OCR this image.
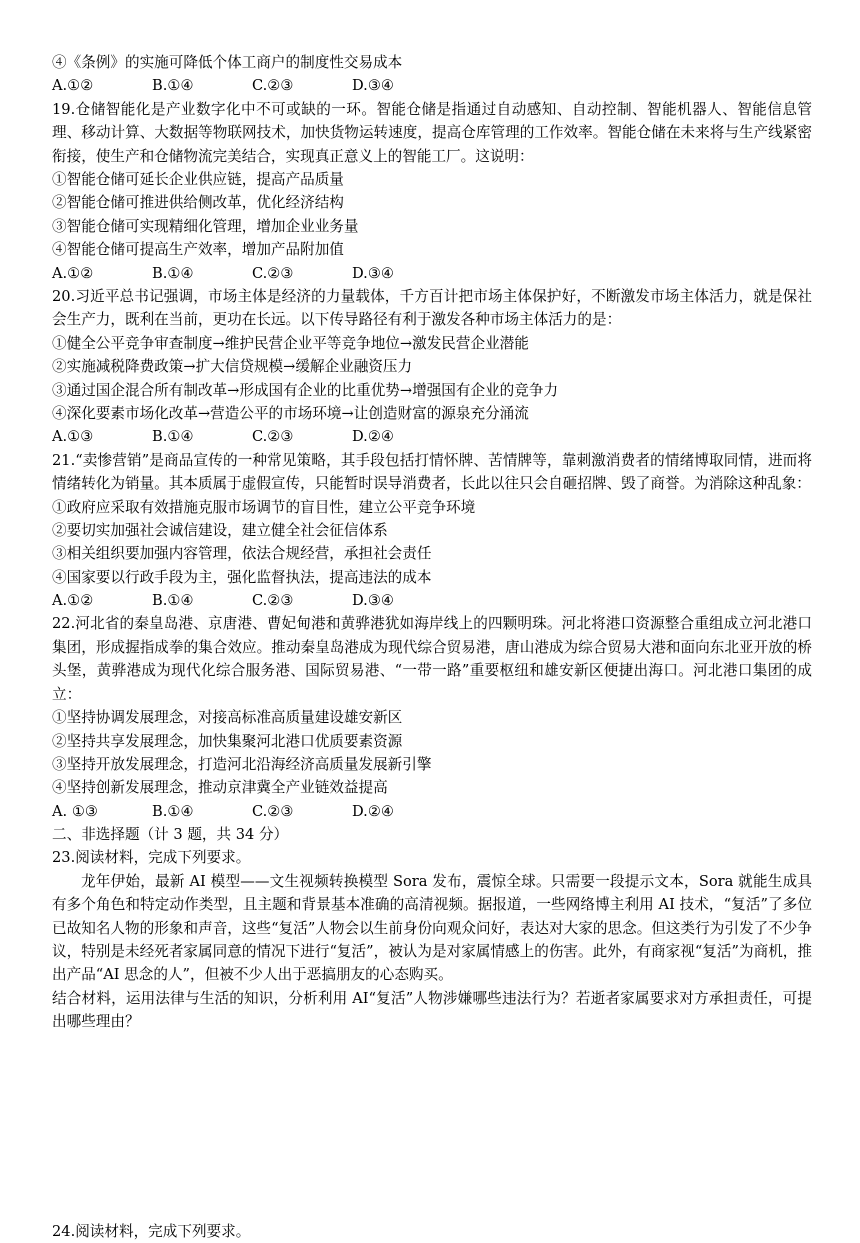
④《条例》的实施可降低个体工商户的制度性交易成本
A.①②	B.①④	C.②③	D.③④
19.仓储智能化是产业数字化中不可或缺的一环。智能仓储是指通过自动感知、自动控制、智能机器人、智能信息管理、移动计算、大数据等物联网技术，加快货物运转速度，提高仓库管理的工作效率。智能仓储在未来将与生产线紧密衔接，使生产和仓储物流完美结合，实现真正意义上的智能工厂。这说明：
①智能仓储可延长企业供应链，提高产品质量
②智能仓储可推进供给侧改革，优化经济结构
③智能仓储可实现精细化管理，增加企业业务量
④智能仓储可提高生产效率，增加产品附加值
A.①②	B.①④	C.②③	D.③④
20.习近平总书记强调，市场主体是经济的力量载体，千方百计把市场主体保护好，不断激发市场主体活力，就是保社会生产力，既利在当前，更功在长远。以下传导路径有利于激发各种市场主体活力的是：
①健全公平竞争审查制度→维护民营企业平等竞争地位→激发民营企业潜能
②实施减税降费政策→扩大信贷规模→缓解企业融资压力
③通过国企混合所有制改革→形成国有企业的比重优势→增强国有企业的竞争力
④深化要素市场化改革→营造公平的市场环境→让创造财富的源泉充分涌流
A.①③	B.①④	C.②③	D.②④
21.“卖惨营销”是商品宣传的一种常见策略，其手段包括打情怀牌、苦情牌等，靠刺激消费者的情绪博取同情，进而将情绪转化为销量。其本质属于虚假宣传，只能暂时误导消费者，长此以往只会自砸招牌、毁了商誉。为消除这种乱象：
①政府应采取有效措施克服市场调节的盲目性，建立公平竞争环境
②要切实加强社会诚信建设，建立健全社会征信体系
③相关组织要加强内容管理，依法合规经营，承担社会责任
④国家要以行政手段为主，强化监督执法，提高违法的成本
A.①②	B.①④	C.②③	D.③④
22.河北省的秦皇岛港、京唐港、曹妃甸港和黄骅港犹如海岸线上的四颗明珠。河北将港口资源整合重组成立河北港口集团，形成握指成拳的集合效应。推动秦皇岛港成为现代综合贸易港，唐山港成为综合贸易大港和面向东北亚开放的桥头堡，黄骅港成为现代化综合服务港、国际贸易港、“一带一路”重要枢纽和雄安新区便捷出海口。河北港口集团的成立：
①坚持协调发展理念，对接高标准高质量建设雄安新区
②坚持共享发展理念，加快集聚河北港口优质要素资源
③坚持开放发展理念，打造河北沿海经济高质量发展新引擎
④坚持创新发展理念，推动京津冀全产业链效益提高
A. ①③	B.①④	C.②③	D.②④
二、非选择题（计 3 题，共 34 分）
23.阅读材料，完成下列要求。
龙年伊始，最新 AI 模型——文生视频转换模型 Sora 发布，震惊全球。只需要一段提示文本，Sora 就能生成具有多个角色和特定动作类型，且主题和背景基本准确的高清视频。据报道，一些网络博主利用 AI 技术，“复活”了多位已故知名人物的形象和声音，这些“复活”人物会以生前身份向观众问好，表达对大家的思念。但这类行为引发了不少争议，特别是未经死者家属同意的情况下进行“复活”，被认为是对家属情感上的伤害。此外，有商家视“复活”为商机，推出产品“AI 思念的人”，但被不少人出于恶搞朋友的心态购买。
结合材料，运用法律与生活的知识，分析利用 AI“复活”人物涉嫌哪些违法行为？若逝者家属要求对方承担责任，可提出哪些理由？
24.阅读材料，完成下列要求。
